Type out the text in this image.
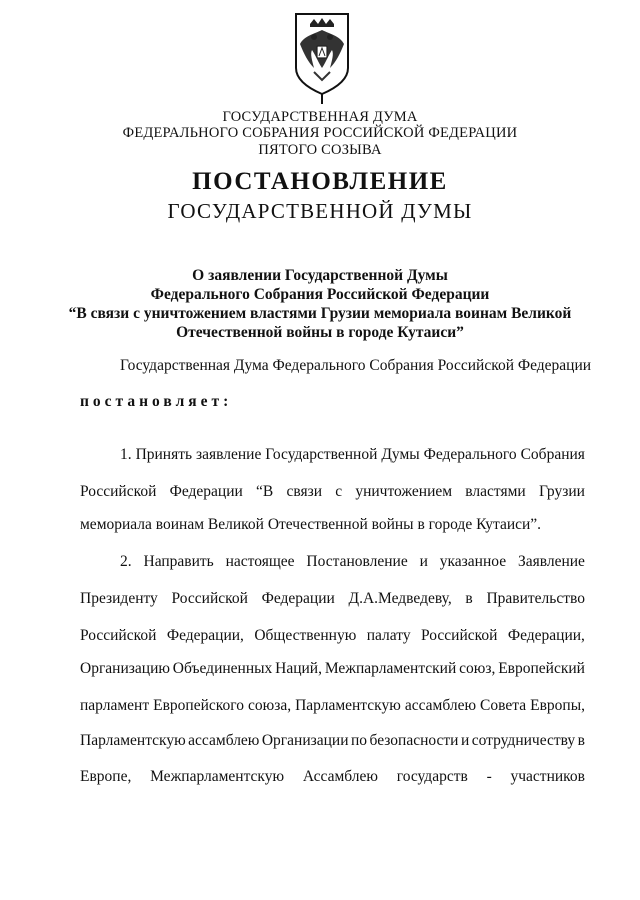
ГОСУДАРСТВЕННАЯ ДУМА
ФЕДЕРАЛЬНОГО СОБРАНИЯ РОССИЙСКОЙ ФЕДЕРАЦИИ
ПЯТОГО СОЗЫВА
ПОСТАНОВЛЕНИЕ
ГОСУДАРСТВЕННОЙ ДУМЫ
О заявлении Государственной Думы
Федерального Собрания Российской Федерации
“В связи с уничтожением властями Грузии мемориала воинам Великой
Отечественной войны в городе Кутаиси”
Государственная Дума Федерального Собрания Российской Федерации
постановляет:
1. Принять заявление Государственной Думы Федерального Собрания
Российской Федерации “В связи с уничтожением властями Грузии
мемориала воинам Великой Отечественной войны в городе Кутаиси”.
2. Направить настоящее Постановление и указанное Заявление
Президенту Российской Федерации Д.А.Медведеву, в Правительство
Российской Федерации, Общественную палату Российской Федерации,
Организацию Объединенных Наций, Межпарламентский союз, Европейский
парламент Европейского союза, Парламентскую ассамблею Совета Европы,
Парламентскую ассамблею Организации по безопасности и сотрудничеству в
Европе, Межпарламентскую Ассамблею государств - участников
